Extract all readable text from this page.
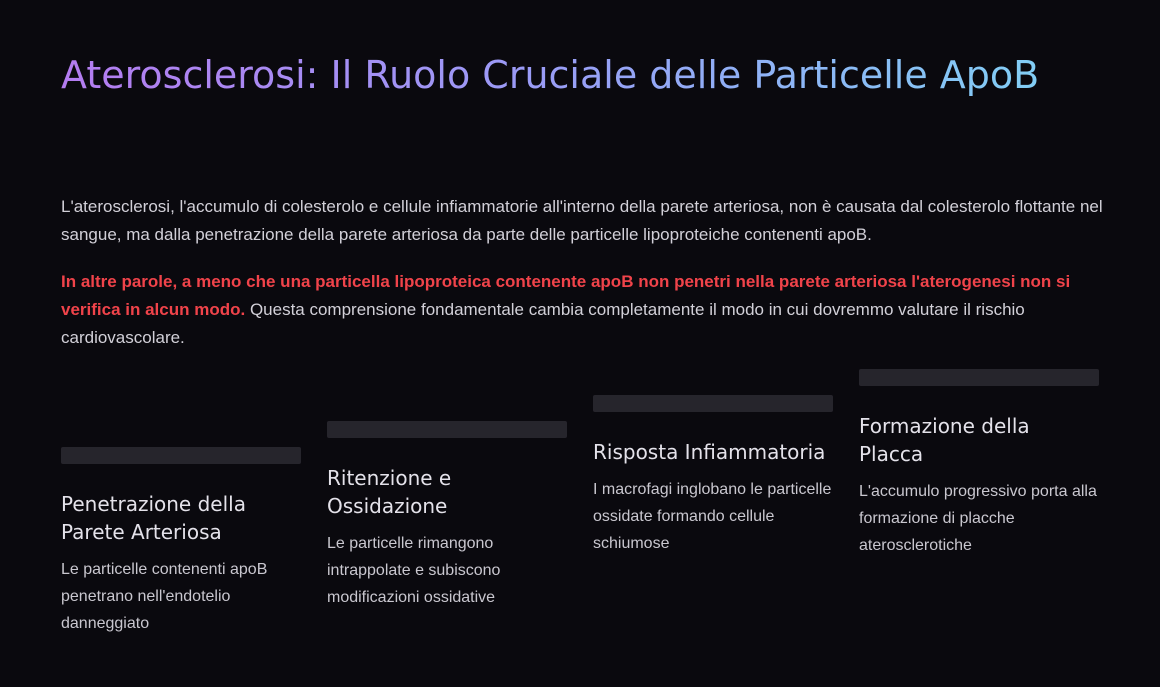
Aterosclerosi: Il Ruolo Cruciale delle Particelle ApoB

L'aterosclerosi, l'accumulo di colesterolo e cellule infiammatorie all'interno della parete arteriosa, non è causata dal colesterolo flottante nel sangue, ma dalla penetrazione della parete arteriosa da parte delle particelle lipoproteiche contenenti apoB.

In altre parole, a meno che una particella lipoproteica contenente apoB non penetri nella parete arteriosa l'aterogenesi non si verifica in alcun modo. Questa comprensione fondamentale cambia completamente il modo in cui dovremmo valutare il rischio cardiovascolare.

Penetrazione della Parete Arteriosa

Le particelle contenenti apoB penetrano nell'endotelio danneggiato

Ritenzione e Ossidazione

Le particelle rimangono intrappolate e subiscono modificazioni ossidative

Risposta Infiammatoria

I macrofagi inglobano le particelle ossidate formando cellule schiumose

Formazione della Placca

L'accumulo progressivo porta alla formazione di placche aterosclerotiche
